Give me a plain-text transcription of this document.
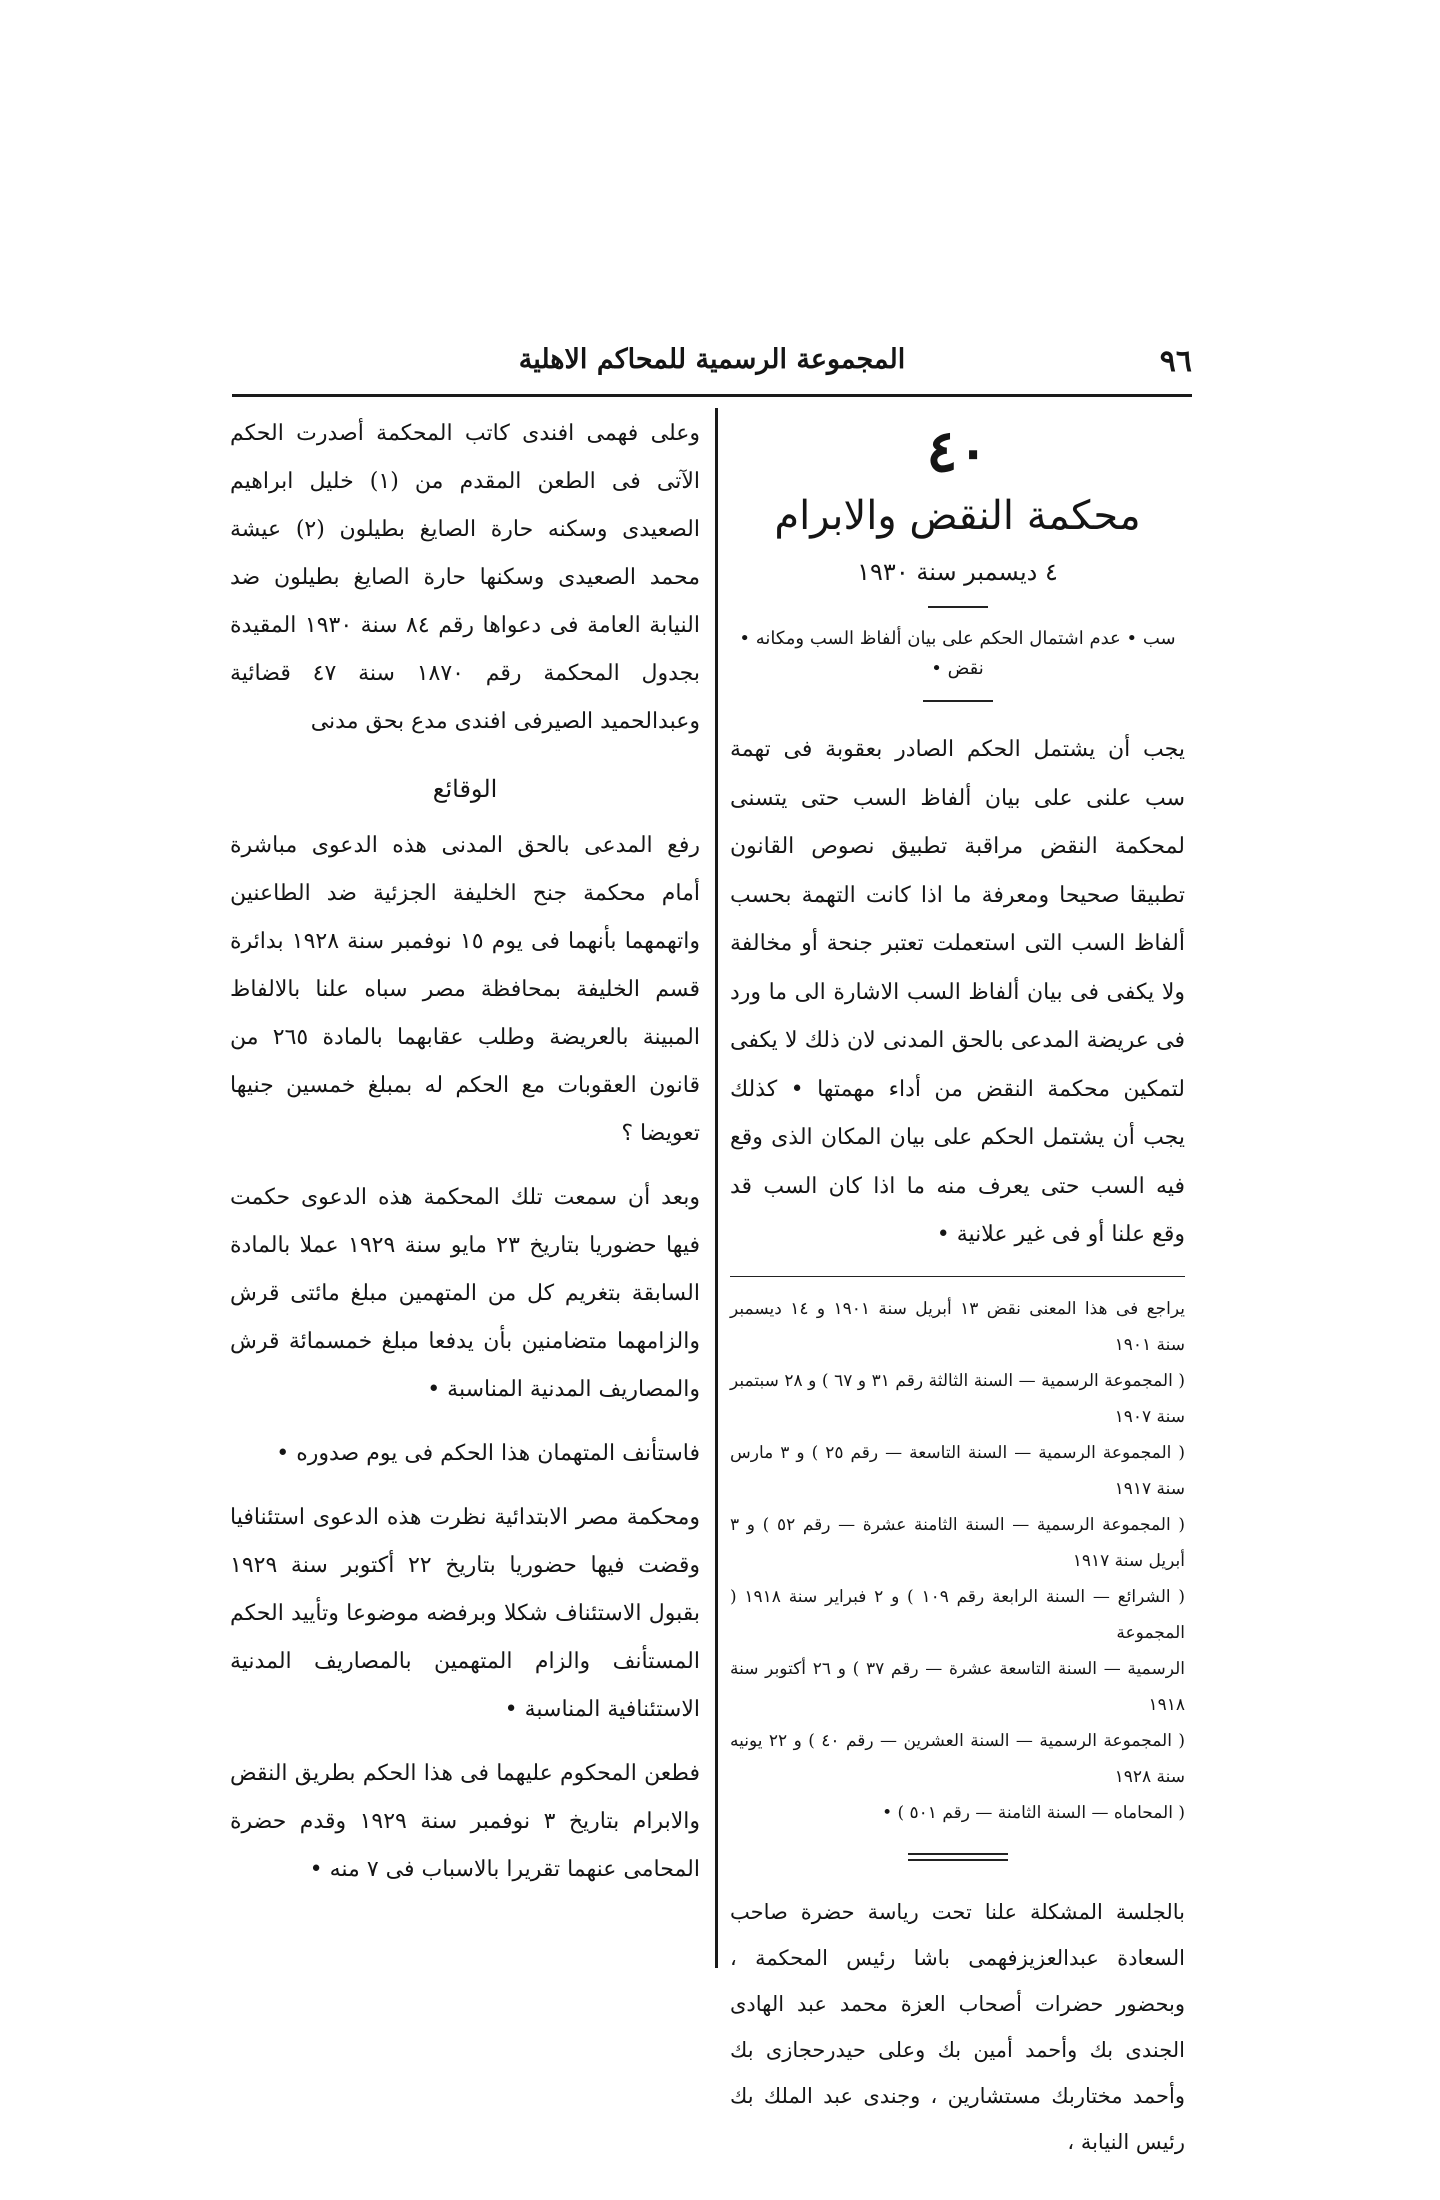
المجموعة الرسمية للمحاكم الاهلية	٩٦
٤٠
محكمة النقض والابرام
٤ ديسمبر سنة ١٩٣٠
سب • عدم اشتمال الحكم على بيان ألفاظ السب ومكانه • نقض •
يجب أن يشتمل الحكم الصادر بعقوبة فى تهمة سب علنى على بيان ألفاظ السب حتى يتسنى لمحكمة النقض مراقبة تطبيق نصوص القانون تطبيقا صحيحا ومعرفة ما اذا كانت التهمة بحسب ألفاظ السب التى استعملت تعتبر جنحة أو مخالفة ولا يكفى فى بيان ألفاظ السب الاشارة الى ما ورد فى عريضة المدعى بالحق المدنى لان ذلك لا يكفى لتمكين محكمة النقض من أداء مهمتها • كذلك يجب أن يشتمل الحكم على بيان المكان الذى وقع فيه السب حتى يعرف منه ما اذا كان السب قد وقع علنا أو فى غير علانية •
يراجع فى هذا المعنى نقض ١٣ أبريل سنة ١٩٠١ و ١٤ ديسمبر سنة ١٩٠١
( المجموعة الرسمية — السنة الثالثة رقم ٣١ و ٦٧ ) و ٢٨ سبتمبر سنة ١٩٠٧
( المجموعة الرسمية — السنة التاسعة — رقم ٢٥ ) و ٣ مارس سنة ١٩١٧
( المجموعة الرسمية — السنة الثامنة عشرة — رقم ٥٢ ) و ٣ أبريل سنة ١٩١٧
( الشرائع — السنة الرابعة رقم ١٠٩ ) و ٢ فبراير سنة ١٩١٨ ( المجموعة
الرسمية — السنة التاسعة عشرة — رقم ٣٧ ) و ٢٦ أكتوبر سنة ١٩١٨
( المجموعة الرسمية — السنة العشرين — رقم ٤٠ ) و ٢٢ يونيه سنة ١٩٢٨
( المحاماه — السنة الثامنة — رقم ٥٠١ ) •
بالجلسة المشكلة علنا تحت رياسة حضرة صاحب السعادة عبدالعزيزفهمى باشا رئيس المحكمة ، وبحضور حضرات أصحاب العزة محمد عبد الهادى الجندى بك وأحمد أمين بك وعلى حيدرحجازى بك وأحمد مختاربك مستشارين ، وجندى عبد الملك بك رئيس النيابة ،

وعلى فهمى افندى كاتب المحكمة أصدرت الحكم الآتى فى الطعن المقدم من (١) خليل ابراهيم الصعيدى وسكنه حارة الصايغ بطيلون (٢) عيشة محمد الصعيدى وسكنها حارة الصايغ بطيلون ضد النيابة العامة فى دعواها رقم ٨٤ سنة ١٩٣٠ المقيدة بجدول المحكمة رقم ١٨٧٠ سنة ٤٧ قضائية وعبدالحميد الصيرفى افندى مدع بحق مدنى

الوقائع

رفع المدعى بالحق المدنى هذه الدعوى مباشرة أمام محكمة جنح الخليفة الجزئية ضد الطاعنين واتهمهما بأنهما فى يوم ١٥ نوفمبر سنة ١٩٢٨ بدائرة قسم الخليفة بمحافظة مصر سباه علنا بالالفاظ المبينة بالعريضة وطلب عقابهما بالمادة ٢٦٥ من قانون العقوبات مع الحكم له بمبلغ خمسين جنيها تعويضا ؟

وبعد أن سمعت تلك المحكمة هذه الدعوى حكمت فيها حضوريا بتاريخ ٢٣ مايو سنة ١٩٢٩ عملا بالمادة السابقة بتغريم كل من المتهمين مبلغ مائتى قرش والزامهما متضامنين بأن يدفعا مبلغ خمسمائة قرش والمصاريف المدنية المناسبة •

فاستأنف المتهمان هذا الحكم فى يوم صدوره •

ومحكمة مصر الابتدائية نظرت هذه الدعوى استئنافيا وقضت فيها حضوريا بتاريخ ٢٢ أكتوبر سنة ١٩٢٩ بقبول الاستئناف شكلا وبرفضه موضوعا وتأييد الحكم المستأنف والزام المتهمين بالمصاريف المدنية الاستئنافية المناسبة •

فطعن المحكوم عليهما فى هذا الحكم بطريق النقض والابرام بتاريخ ٣ نوفمبر سنة ١٩٢٩ وقدم حضرة المحامى عنهما تقريرا بالاسباب فى ٧ منه •
